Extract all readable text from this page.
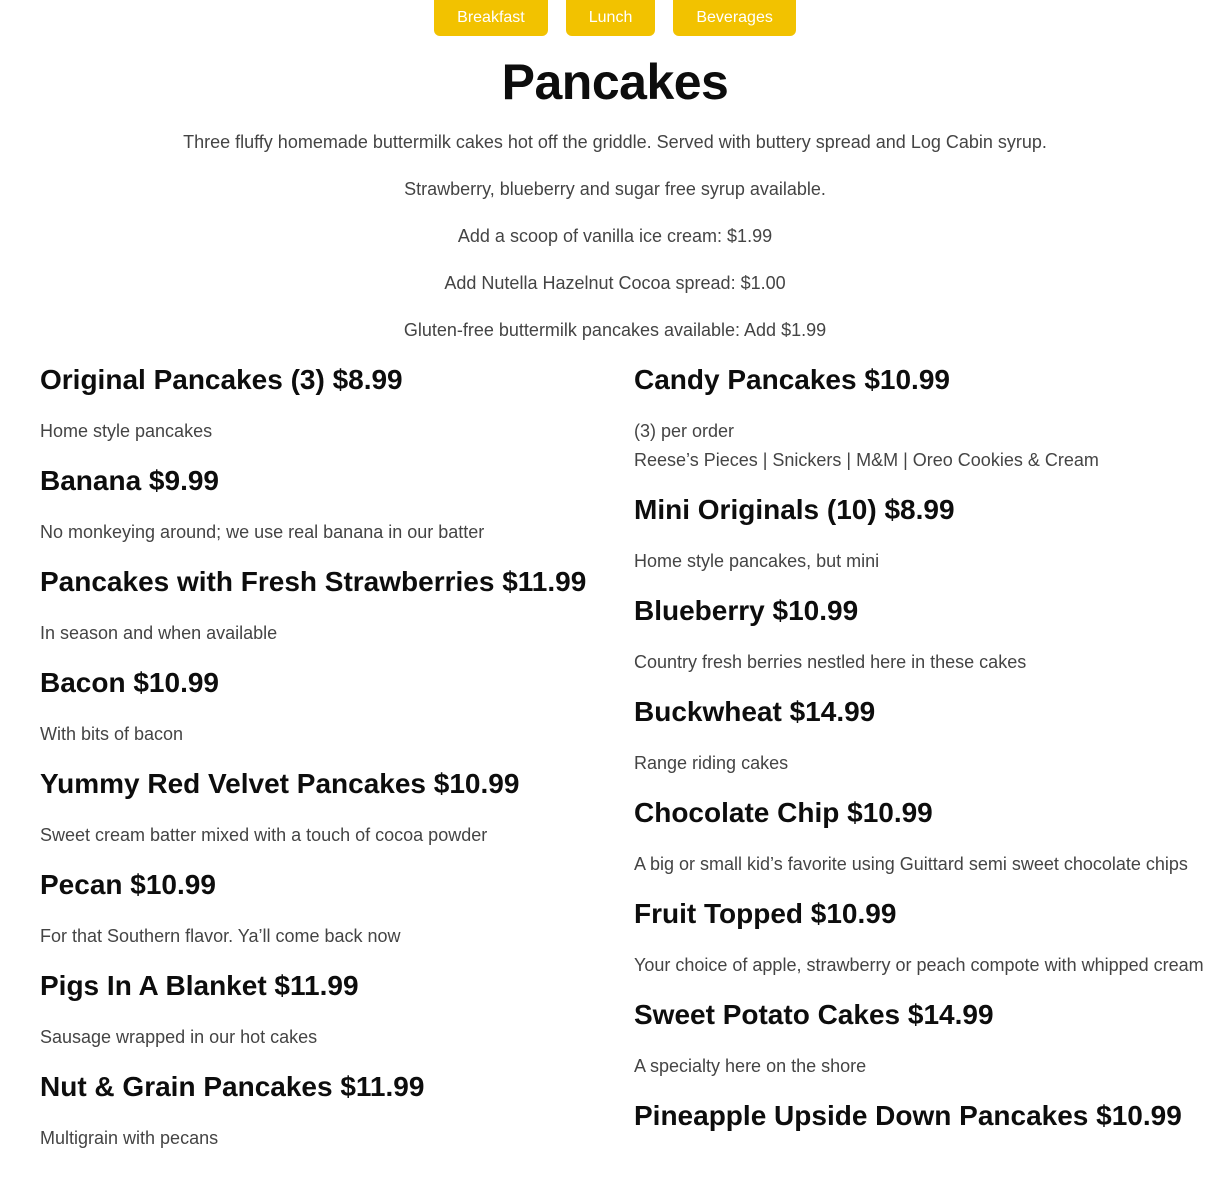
Breakfast	Lunch	Beverages
Pancakes

Three fluffy homemade buttermilk cakes hot off the griddle. Served with buttery spread and Log Cabin syrup.

Strawberry, blueberry and sugar free syrup available.

Add a scoop of vanilla ice cream: $1.99

Add Nutella Hazelnut Cocoa spread: $1.00

Gluten-free buttermilk pancakes available: Add $1.99

Original Pancakes (3) $8.99

Home style pancakes

Banana $9.99

No monkeying around; we use real banana in our batter

Pancakes with Fresh Strawberries $11.99

In season and when available

Bacon $10.99

With bits of bacon

Yummy Red Velvet Pancakes $10.99

Sweet cream batter mixed with a touch of cocoa powder

Pecan $10.99

For that Southern flavor. Ya’ll come back now

Pigs In A Blanket $11.99

Sausage wrapped in our hot cakes

Nut & Grain Pancakes $11.99

Multigrain with pecans

Candy Pancakes $10.99

(3) per order
Reese’s Pieces | Snickers | M&M | Oreo Cookies & Cream

Mini Originals (10) $8.99

Home style pancakes, but mini

Blueberry $10.99

Country fresh berries nestled here in these cakes

Buckwheat $14.99

Range riding cakes

Chocolate Chip $10.99

A big or small kid’s favorite using Guittard semi sweet chocolate chips

Fruit Topped $10.99

Your choice of apple, strawberry or peach compote with whipped cream

Sweet Potato Cakes $14.99

A specialty here on the shore

Pineapple Upside Down Pancakes $10.99
